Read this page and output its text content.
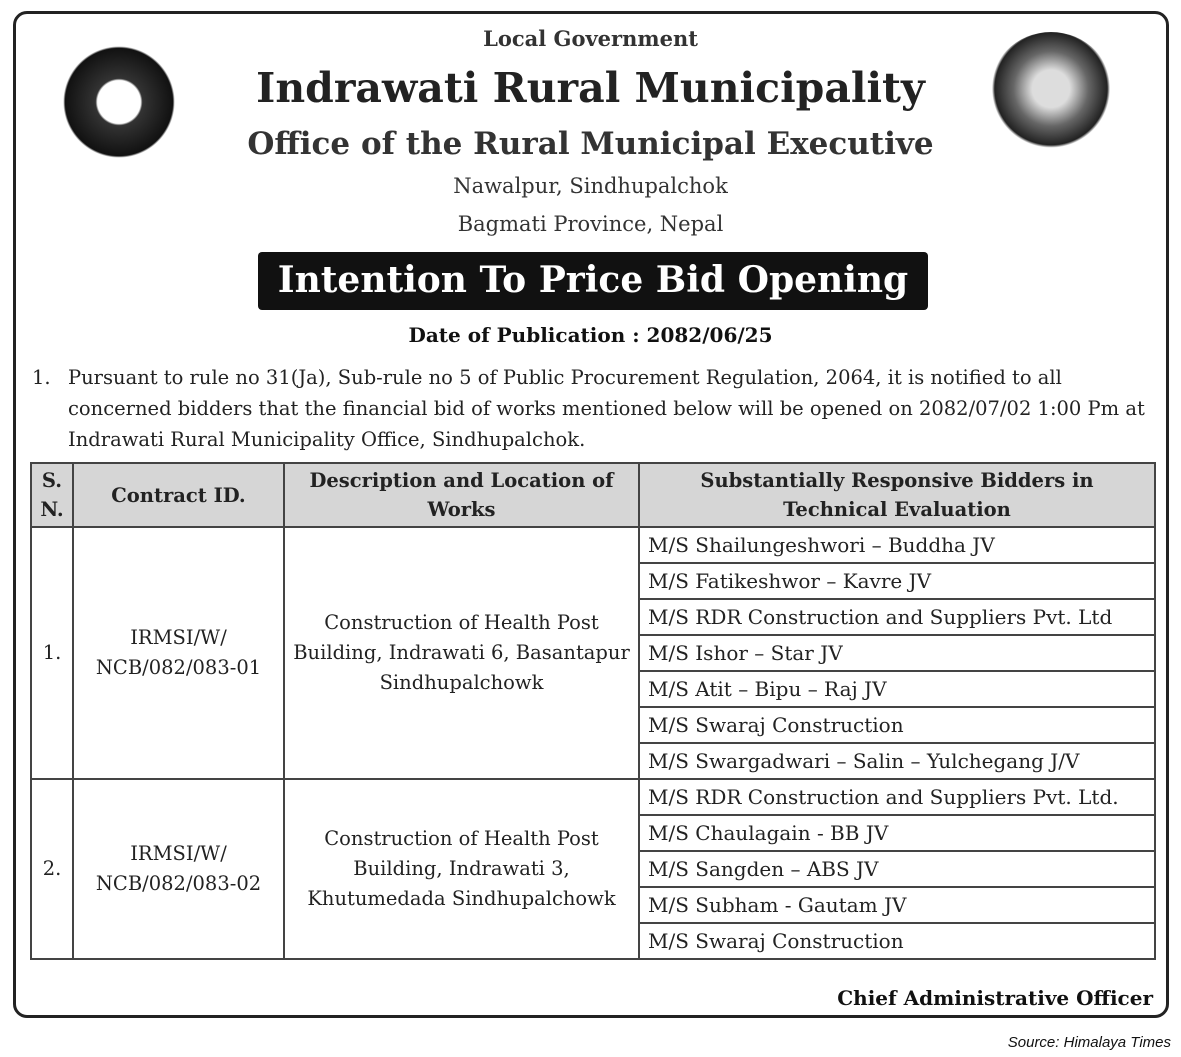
Local Government
Indrawati Rural Municipality
Office of the Rural Municipal Executive
Nawalpur, Sindhupalchok
Bagmati Province, Nepal
Intention To Price Bid Opening
Date of Publication : 2082/06/25
1. Pursuant to rule no 31(Ja), Sub-rule no 5 of Public Procurement Regulation, 2064, it is notified to all concerned bidders that the financial bid of works mentioned below will be opened on 2082/07/02 1:00 Pm at Indrawati Rural Municipality Office, Sindhupalchok.
S. N.	Contract ID.	Description and Location of Works	Substantially Responsive Bidders in Technical Evaluation
1.	IRMSI/W/ NCB/082/083-01	Construction of Health Post Building, Indrawati 6, Basantapur Sindhupalchowk	M/S Shailungeshwori – Buddha JV
			M/S Fatikeshwor – Kavre JV
			M/S RDR Construction and Suppliers Pvt. Ltd
			M/S Ishor – Star JV
			M/S Atit – Bipu – Raj JV
			M/S Swaraj Construction
			M/S Swargadwari – Salin – Yulchegang J/V
2.	IRMSI/W/ NCB/082/083-02	Construction of Health Post Building, Indrawati 3, Khutumedada Sindhupalchowk	M/S RDR Construction and Suppliers Pvt. Ltd.
			M/S Chaulagain - BB JV
			M/S Sangden – ABS JV
			M/S Subham - Gautam JV
			M/S Swaraj Construction
Chief Administrative Officer
Source: Himalaya Times
